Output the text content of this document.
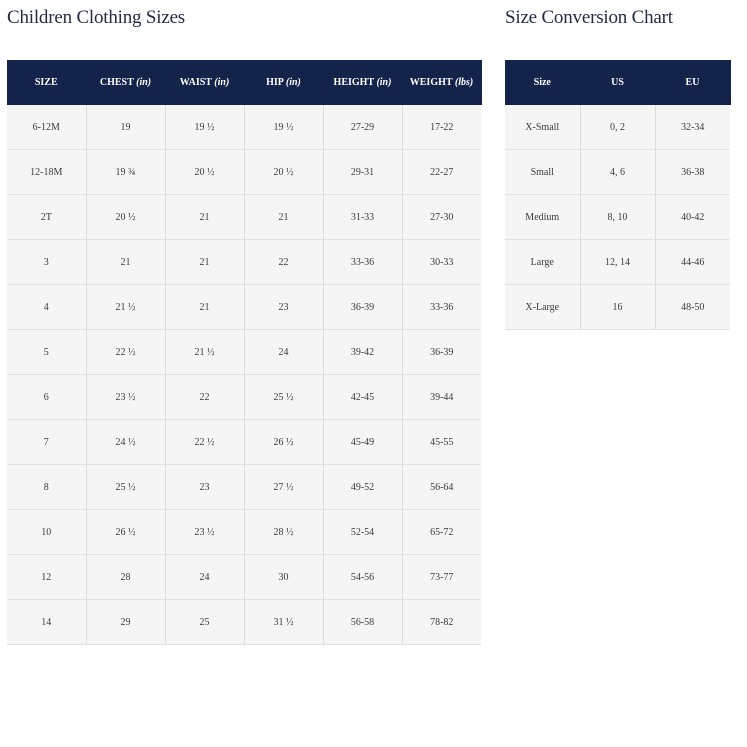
Children Clothing Sizes	Size Conversion Chart
SIZE	CHEST (in)	WAIST (in)	HIP (in)	HEIGHT (in)	WEIGHT (lbs)
6-12M	19	19 ½	19 ½	27-29	17-22
12-18M	19 ¾	20 ½	20 ½	29-31	22-27
2T	20 ½	21	21	31-33	27-30
3	21	21	22	33-36	30-33
4	21 ½	21	23	36-39	33-36
5	22 ½	21 ½	24	39-42	36-39
6	23 ½	22	25 ½	42-45	39-44
7	24 ½	22 ½	26 ½	45-49	45-55
8	25 ½	23	27 ½	49-52	56-64
10	26 ½	23 ½	28 ½	52-54	65-72
12	28	24	30	54-56	73-77
14	29	25	31 ½	56-58	78-82
Size	US	EU
X-Small	0, 2	32-34
Small	4, 6	36-38
Medium	8, 10	40-42
Large	12, 14	44-46
X-Large	16	48-50
